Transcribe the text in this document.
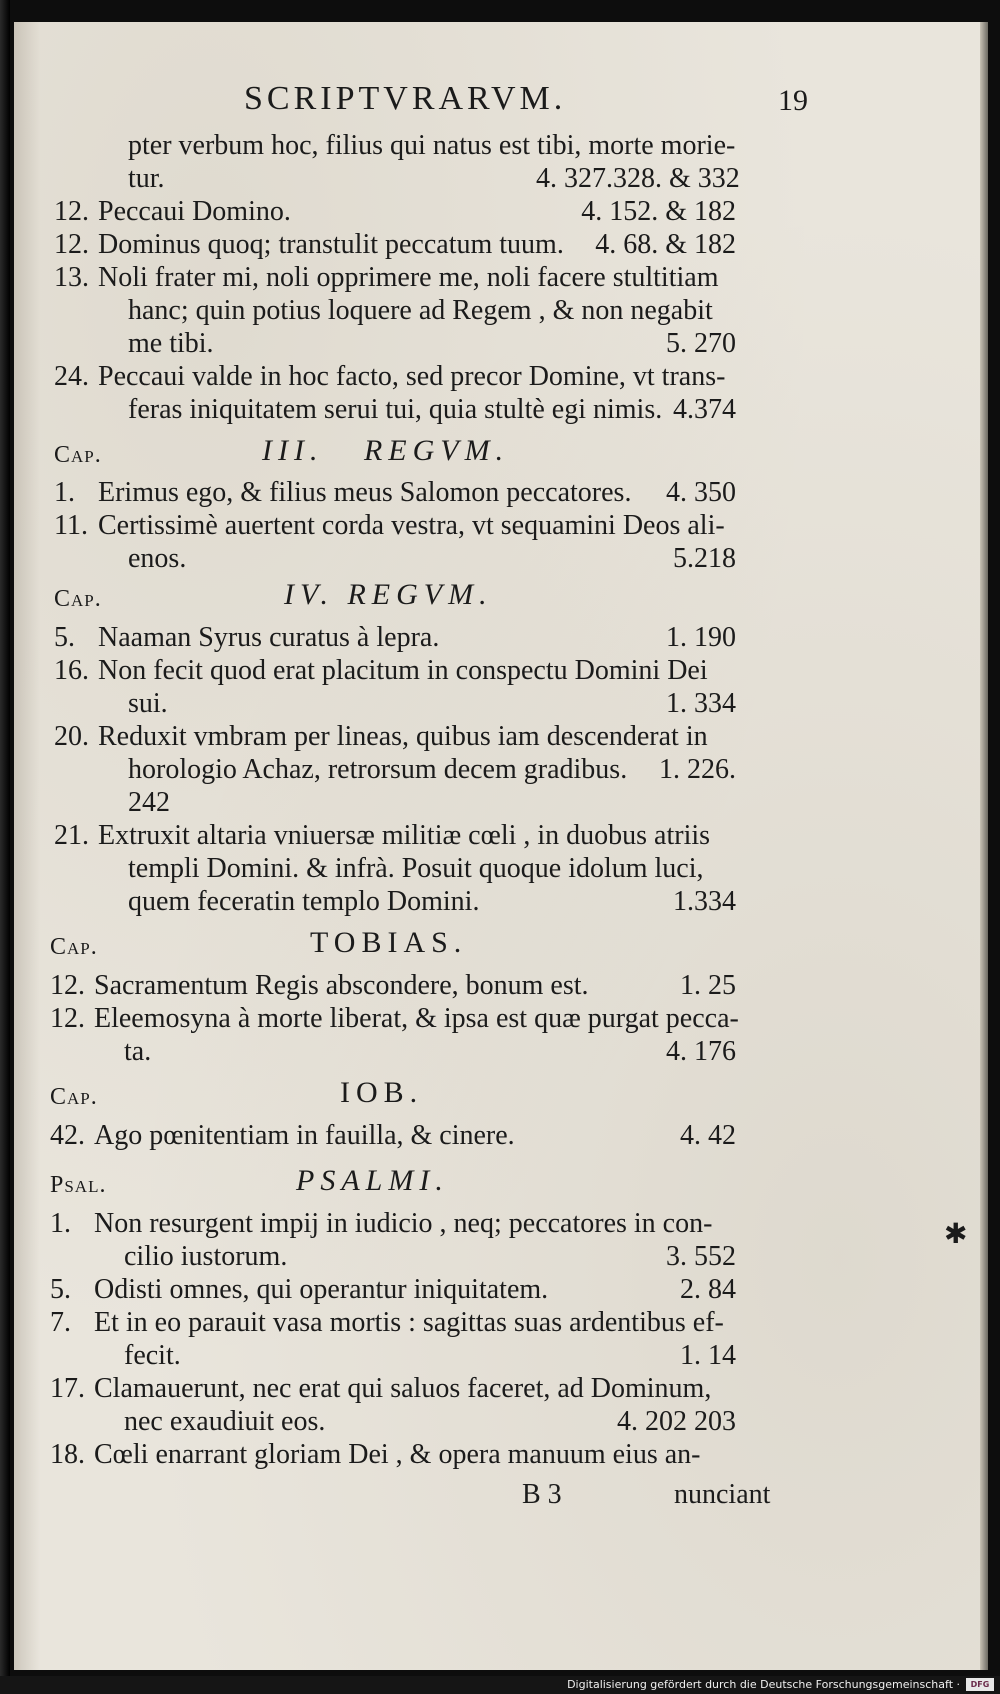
SCRIPTVRARVM.	19
pter verbum hoc, filius qui natus est tibi, morte morie-
tur.	4. 327.328. & 332
12. Peccaui Domino.	4. 152. & 182
12. Dominus quoq; transtulit peccatum tuum.	4. 68. & 182
13. Noli frater mi, noli opprimere me, noli facere stultitiam
hanc; quin potius loquere ad Regem , & non negabit
me tibi.	5. 270
24. Peccaui valde in hoc facto, sed precor Domine, vt trans-
feras iniquitatem serui tui, quia stultè egi nimis. 4.374
Cap.	III.   REGVM.
1. Erimus ego, & filius meus Salomon peccatores.	4. 350
11. Certissimè auertent corda vestra, vt sequamini Deos ali-
enos.	5.218
Cap.	IV. REGVM.
5. Naaman Syrus curatus à lepra.	1. 190
16. Non fecit quod erat placitum in conspectu Domini Dei
sui.	1. 334
20. Reduxit vmbram per lineas, quibus iam descenderat in
horologio Achaz, retrorsum decem gradibus.	1. 226.
242
21. Extruxit altaria vniuersæ militiæ cœli , in duobus atriis
templi Domini. & infrà. Posuit quoque idolum luci,
quem feceratin templo Domini.	1.334
Cap.	TOBIAS.
12. Sacramentum Regis abscondere, bonum est.	1. 25
12. Eleemosyna à morte liberat, & ipsa est quæ purgat pecca-
ta.	4. 176
Cap.	IOB.
42. Ago pœnitentiam in fauilla, & cinere.	4. 42
Psal.	PSALMI.
1. Non resurgent impij in iudicio , neq; peccatores in con-
cilio iustorum.	3. 552
5. Odisti omnes, qui operantur iniquitatem.	2. 84
7. Et in eo parauit vasa mortis : sagittas suas ardentibus ef-
fecit.	1. 14
17. Clamauerunt, nec erat qui saluos faceret, ad Dominum,
nec exaudiuit eos.	4. 202 203
18. Cœli enarrant gloriam Dei , & opera manuum eius an-
B 3	nunciant
✱
Digitalisierung gefördert durch die Deutsche Forschungsgemeinschaft ·	DFG
